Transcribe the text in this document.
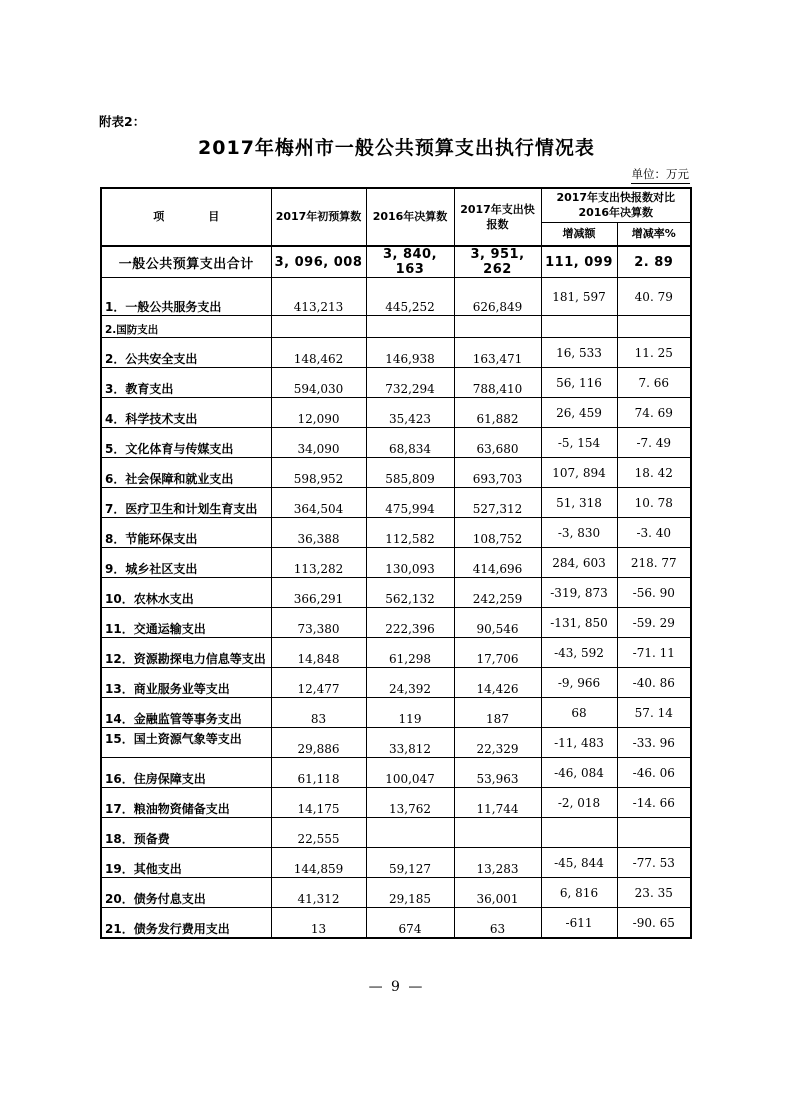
附表2：
2017年梅州市一般公共预算支出执行情况表
单位：万元
项　　　　目	2017年初预算数	2016年决算数	2017年支出快报数	2017年支出快报数对比2016年决算数	
				增减额	增减率%
一般公共预算支出合计	3, 096, 008	3, 840, 163	3, 951, 262	111, 099	2. 89
1．一般公共服务支出	413,213	445,252	626,849	181, 597	40. 79
2.国防支出					
2．公共安全支出	148,462	146,938	163,471	16, 533	11. 25
3．教育支出	594,030	732,294	788,410	56, 116	7. 66
4．科学技术支出	12,090	35,423	61,882	26, 459	74. 69
5．文化体育与传媒支出	34,090	68,834	63,680	-5, 154	-7. 49
6．社会保障和就业支出	598,952	585,809	693,703	107, 894	18. 42
7．医疗卫生和计划生育支出	364,504	475,994	527,312	51, 318	10. 78
8．节能环保支出	36,388	112,582	108,752	-3, 830	-3. 40
9．城乡社区支出	113,282	130,093	414,696	284, 603	218. 77
10．农林水支出	366,291	562,132	242,259	-319, 873	-56. 90
11．交通运输支出	73,380	222,396	90,546	-131, 850	-59. 29
12．资源勘探电力信息等支出	14,848	61,298	17,706	-43, 592	-71. 11
13．商业服务业等支出	12,477	24,392	14,426	-9, 966	-40. 86
14．金融监管等事务支出	83	119	187	68	57. 14
15．国土资源气象等支出	29,886	33,812	22,329	-11, 483	-33. 96
16．住房保障支出	61,118	100,047	53,963	-46, 084	-46. 06
17．粮油物资储备支出	14,175	13,762	11,744	-2, 018	-14. 66
18．预备费	22,555				
19．其他支出	144,859	59,127	13,283	-45, 844	-77. 53
20．债务付息支出	41,312	29,185	36,001	6, 816	23. 35
21．债务发行费用支出	13	674	63	-611	-90. 65
— 9 —
